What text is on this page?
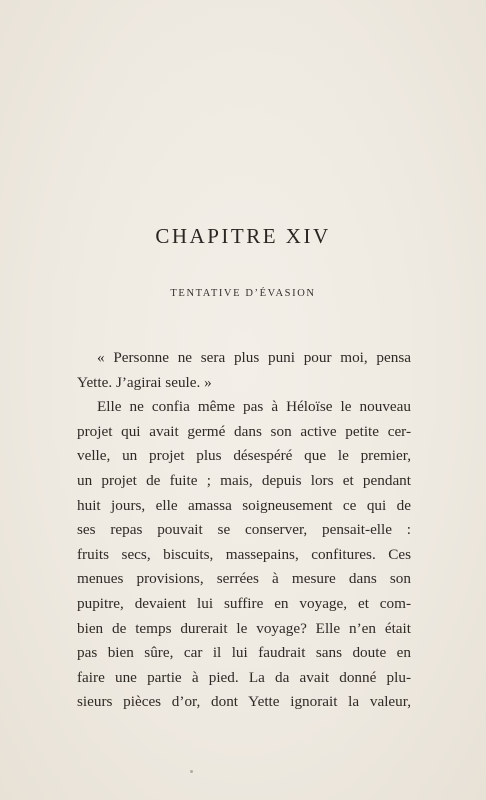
CHAPITRE XIV
TENTATIVE D’ÉVASION
« Personne ne sera plus puni pour moi, pensa
Yette. J’agirai seule. »
Elle ne confia même pas à Héloïse le nouveau
projet qui avait germé dans son active petite cer-
velle, un projet plus désespéré que le premier,
un projet de fuite ; mais, depuis lors et pendant
huit jours, elle amassa soigneusement ce qui de
ses repas pouvait se conserver, pensait-elle :
fruits secs, biscuits, massepains, confitures. Ces
menues provisions, serrées à mesure dans son
pupitre, devaient lui suffire en voyage, et com-
bien de temps durerait le voyage? Elle n’en était
pas bien sûre, car il lui faudrait sans doute en
faire une partie à pied. La da avait donné plu-
sieurs pièces d’or, dont Yette ignorait la valeur,
